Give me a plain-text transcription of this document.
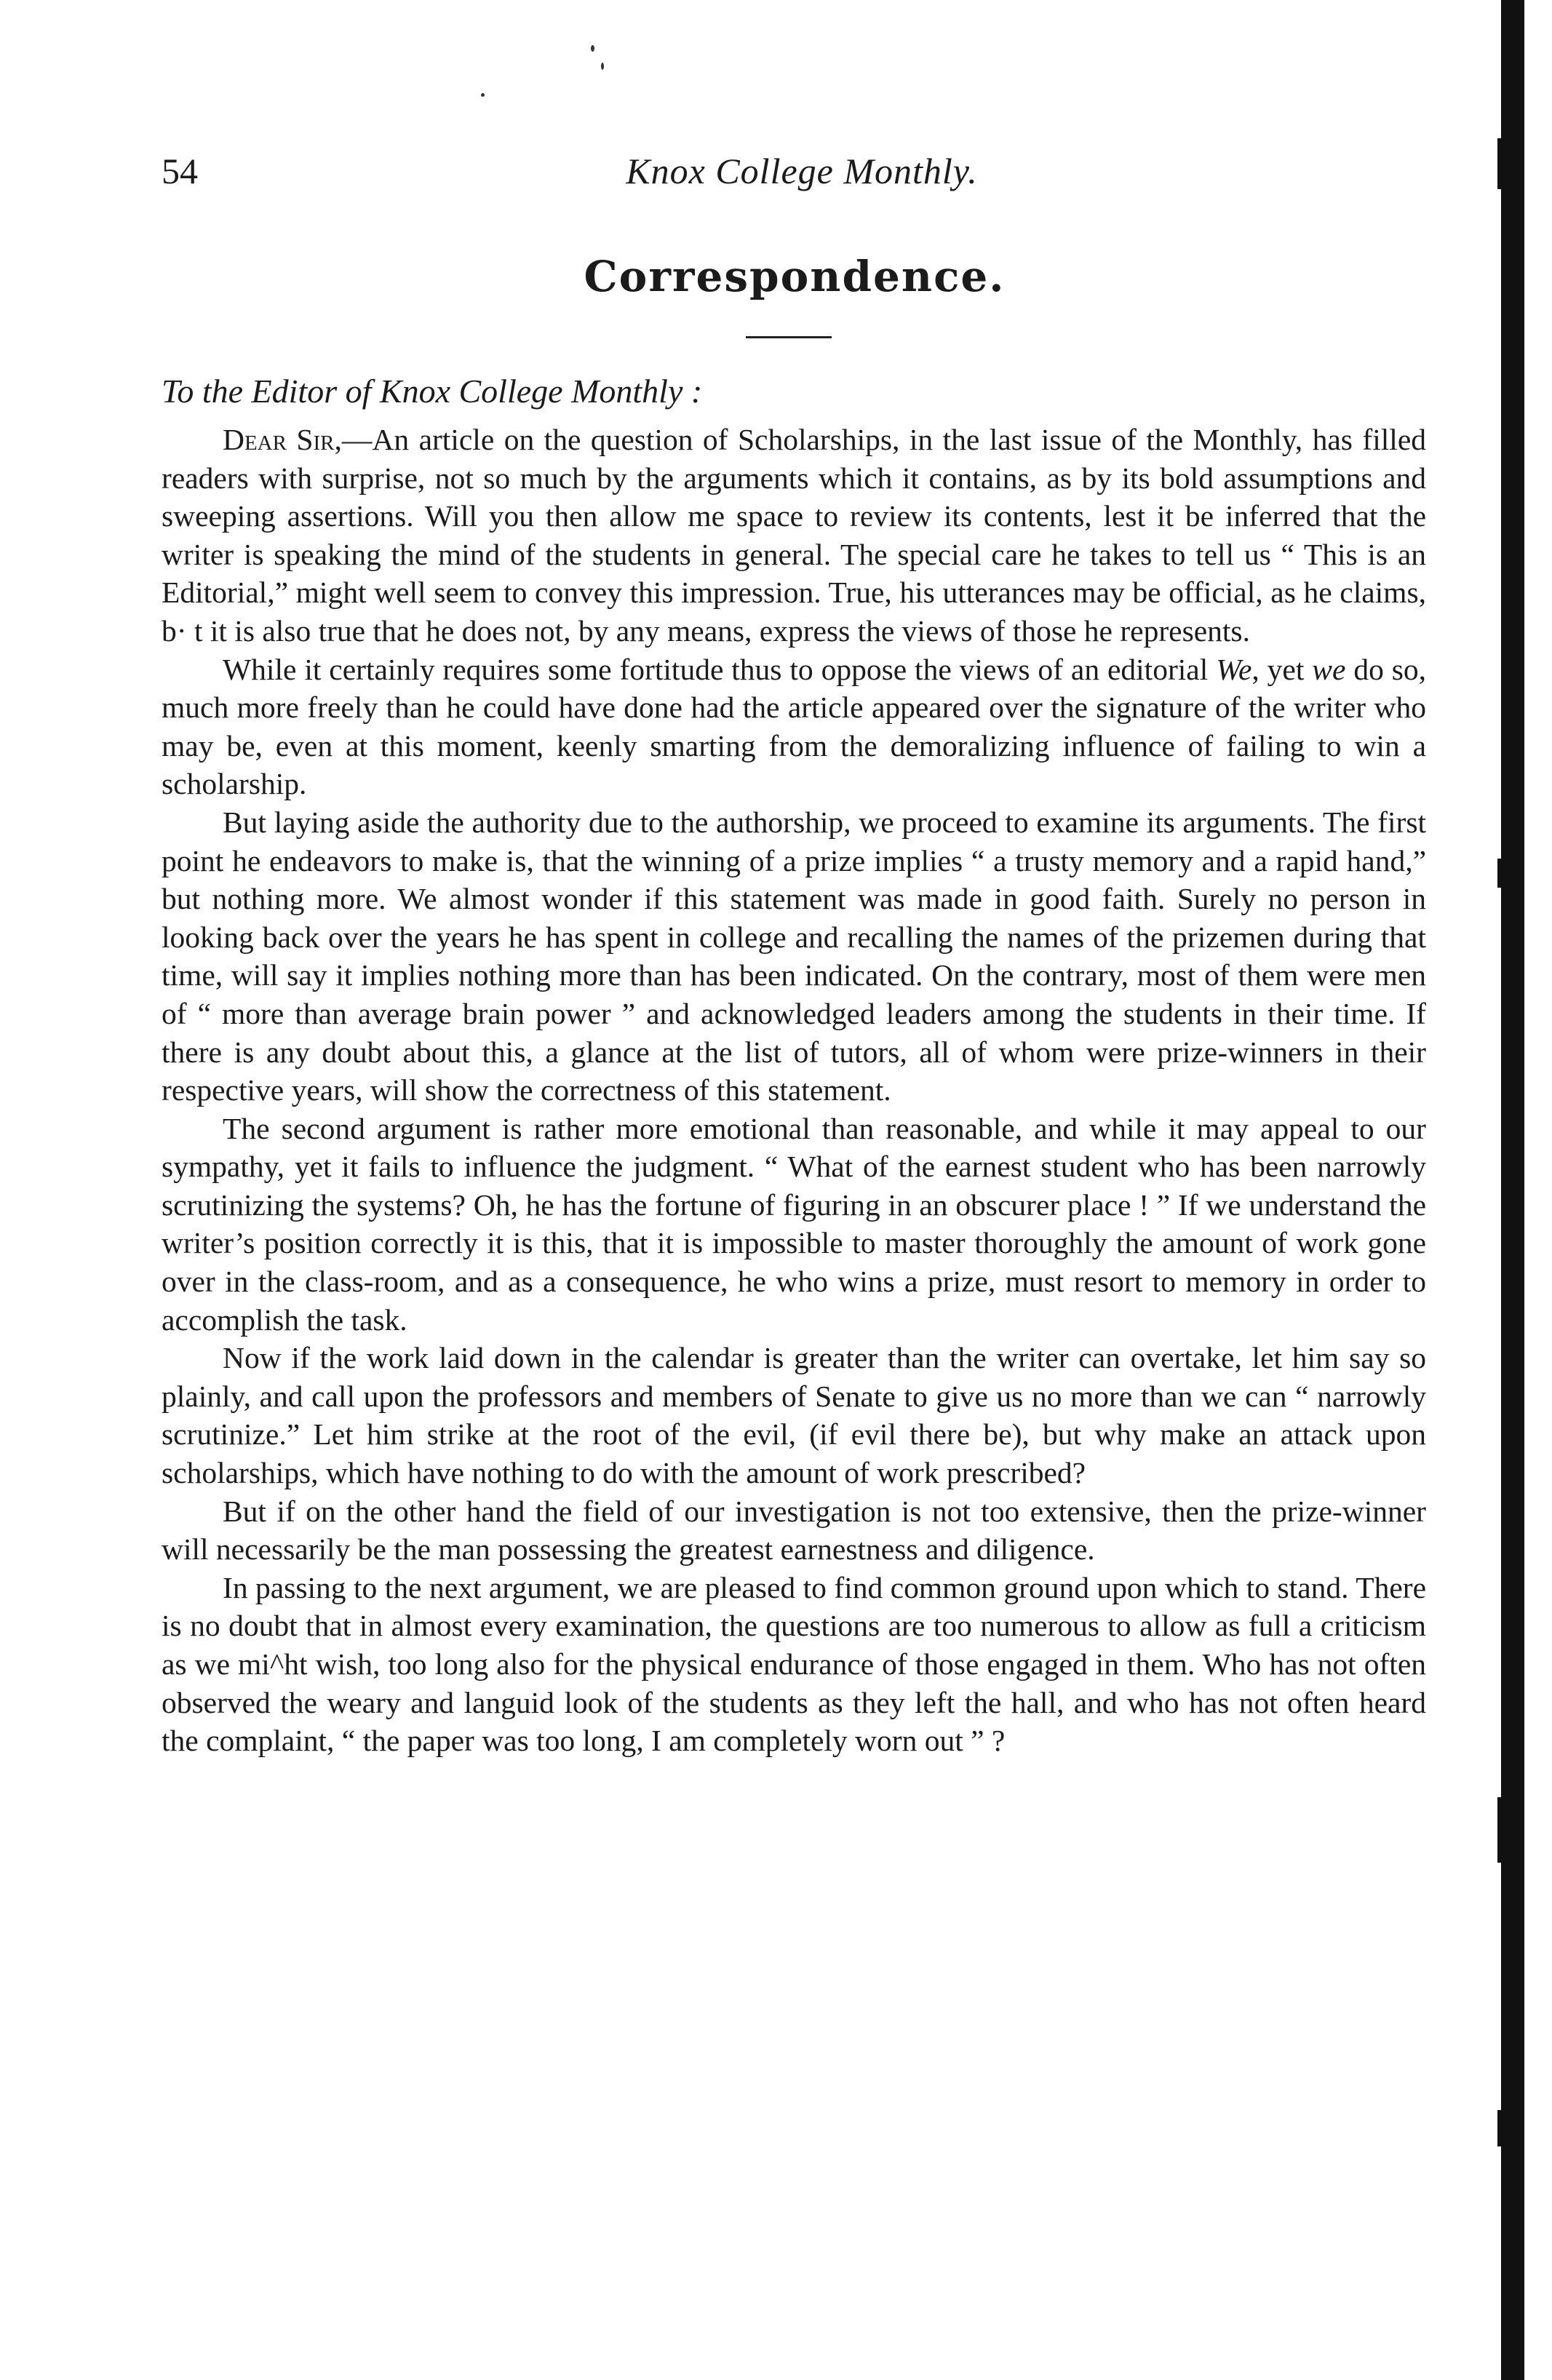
54	Knox College Monthly.
Correspondence.
To the Editor of Knox College Monthly :

Dear Sir,—An article on the question of Scholarships, in the last issue of the Monthly, has filled readers with surprise, not so much by the arguments which it contains, as by its bold assumptions and sweeping assertions. Will you then allow me space to review its contents, lest it be inferred that the writer is speaking the mind of the students in general. The special care he takes to tell us “ This is an Editorial,” might well seem to convey this impression. True, his utterances may be official, as he claims, b· t it is also true that he does not, by any means, express the views of those he represents.

While it certainly requires some fortitude thus to oppose the views of an editorial We, yet we do so, much more freely than he could have done had the article appeared over the signature of the writer who may be, even at this moment, keenly smarting from the demoralizing influence of failing to win a scholarship.

But laying aside the authority due to the authorship, we proceed to examine its arguments. The first point he endeavors to make is, that the winning of a prize implies “ a trusty memory and a rapid hand,” but nothing more. We almost wonder if this statement was made in good faith. Surely no person in looking back over the years he has spent in college and recalling the names of the prizemen during that time, will say it implies nothing more than has been indicated. On the contrary, most of them were men of “ more than average brain power ” and acknowledged leaders among the students in their time. If there is any doubt about this, a glance at the list of tutors, all of whom were prize-winners in their respective years, will show the correctness of this statement.

The second argument is rather more emotional than reasonable, and while it may appeal to our sympathy, yet it fails to influence the judgment. “ What of the earnest student who has been narrowly scrutinizing the systems? Oh, he has the fortune of figuring in an obscurer place ! ” If we understand the writer’s position correctly it is this, that it is impossible to master thoroughly the amount of work gone over in the class-room, and as a consequence, he who wins a prize, must resort to memory in order to accomplish the task.

Now if the work laid down in the calendar is greater than the writer can overtake, let him say so plainly, and call upon the professors and members of Senate to give us no more than we can “ narrowly scrutinize.” Let him strike at the root of the evil, (if evil there be), but why make an attack upon scholarships, which have nothing to do with the amount of work prescribed?

But if on the other hand the field of our investigation is not too extensive, then the prize-winner will necessarily be the man possessing the greatest earnestness and diligence.

In passing to the next argument, we are pleased to find common ground upon which to stand. There is no doubt that in almost every examination, the questions are too numerous to allow as full a criticism as we mi^ht wish, too long also for the physical endurance of those engaged in them. Who has not often observed the weary and languid look of the students as they left the hall, and who has not often heard the complaint, “ the paper was too long, I am completely worn out ” ?
